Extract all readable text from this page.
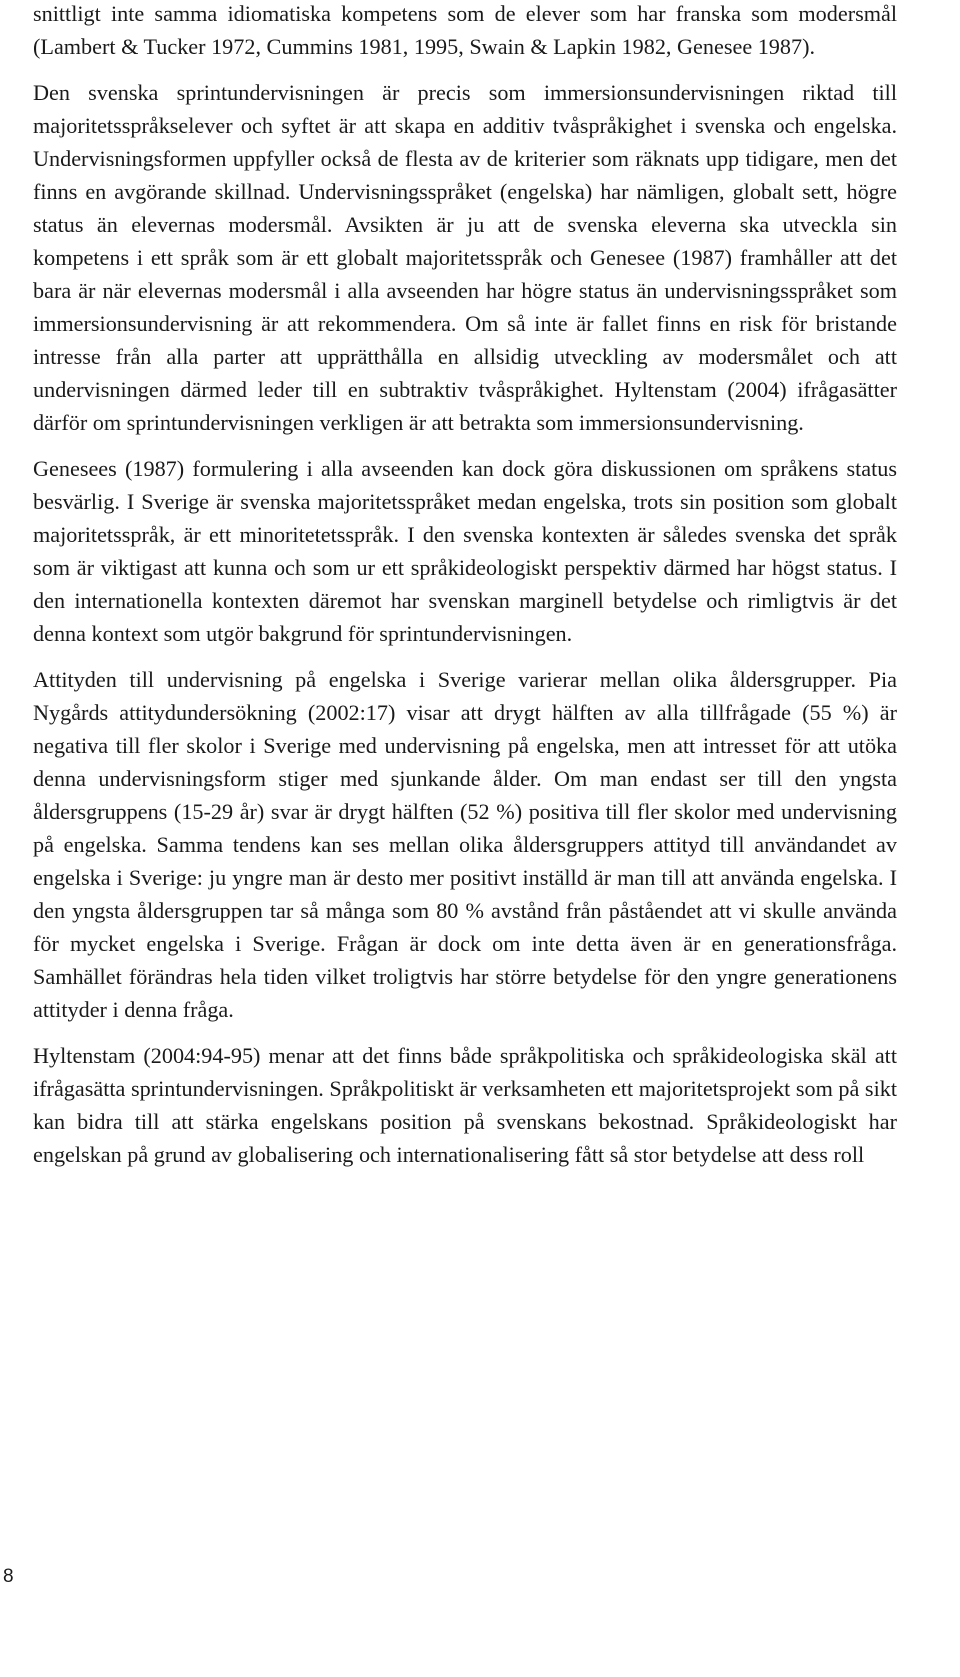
snittligt inte samma idiomatiska kompetens som de elever som har franska som modersmål (Lambert & Tucker 1972, Cummins 1981, 1995, Swain & Lapkin 1982, Genesee 1987).

Den svenska sprintundervisningen är precis som immersionsundervisningen riktad till majoritetsspråkselever och syftet är att skapa en additiv tvåspråkighet i svenska och engelska. Undervisningsformen uppfyller också de flesta av de kriterier som räknats upp tidigare, men det finns en avgörande skillnad. Undervisningsspråket (engelska) har nämligen, globalt sett, högre status än elevernas modersmål. Avsikten är ju att de svenska eleverna ska utveckla sin kompetens i ett språk som är ett globalt majoritetsspråk och Genesee (1987) framhåller att det bara är när elevernas modersmål i alla avseenden har högre status än undervisningsspråket som immersionsundervisning är att rekommendera. Om så inte är fallet finns en risk för bristande intresse från alla parter att upprätthålla en allsidig utveckling av modersmålet och att undervisningen därmed leder till en subtraktiv tvåspråkighet. Hyltenstam (2004) ifrågasätter därför om sprintundervisningen verkligen är att betrakta som immersionsundervisning.

Genesees (1987) formulering i alla avseenden kan dock göra diskussionen om språkens status besvärlig. I Sverige är svenska majoritetsspråket medan engelska, trots sin position som globalt majoritetsspråk, är ett minoritetetsspråk. I den svenska kontexten är således svenska det språk som är viktigast att kunna och som ur ett språkideologiskt perspektiv därmed har högst status. I den internationella kontexten däremot har svenskan marginell betydelse och rimligtvis är det denna kontext som utgör bakgrund för sprintundervisningen.

Attityden till undervisning på engelska i Sverige varierar mellan olika åldersgrupper. Pia Nygårds attitydundersökning (2002:17) visar att drygt hälften av alla tillfrågade (55 %) är negativa till fler skolor i Sverige med undervisning på engelska, men att intresset för att utöka denna undervisningsform stiger med sjunkande ålder. Om man endast ser till den yngsta åldersgruppens (15-29 år) svar är drygt hälften (52 %) positiva till fler skolor med undervisning på engelska. Samma tendens kan ses mellan olika åldersgruppers attityd till användandet av engelska i Sverige: ju yngre man är desto mer positivt inställd är man till att använda engelska. I den yngsta åldersgruppen tar så många som 80 % avstånd från påståendet att vi skulle använda för mycket engelska i Sverige. Frågan är dock om inte detta även är en generationsfråga. Samhället förändras hela tiden vilket troligtvis har större betydelse för den yngre generationens attityder i denna fråga.

Hyltenstam (2004:94-95) menar att det finns både språkpolitiska och språkideologiska skäl att ifrågasätta sprintundervisningen. Språkpolitiskt är verksamheten ett majoritetsprojekt som på sikt kan bidra till att stärka engelskans position på svenskans bekostnad. Språkideologiskt har engelskan på grund av globalisering och internationalisering fått så stor betydelse att dess roll

8
